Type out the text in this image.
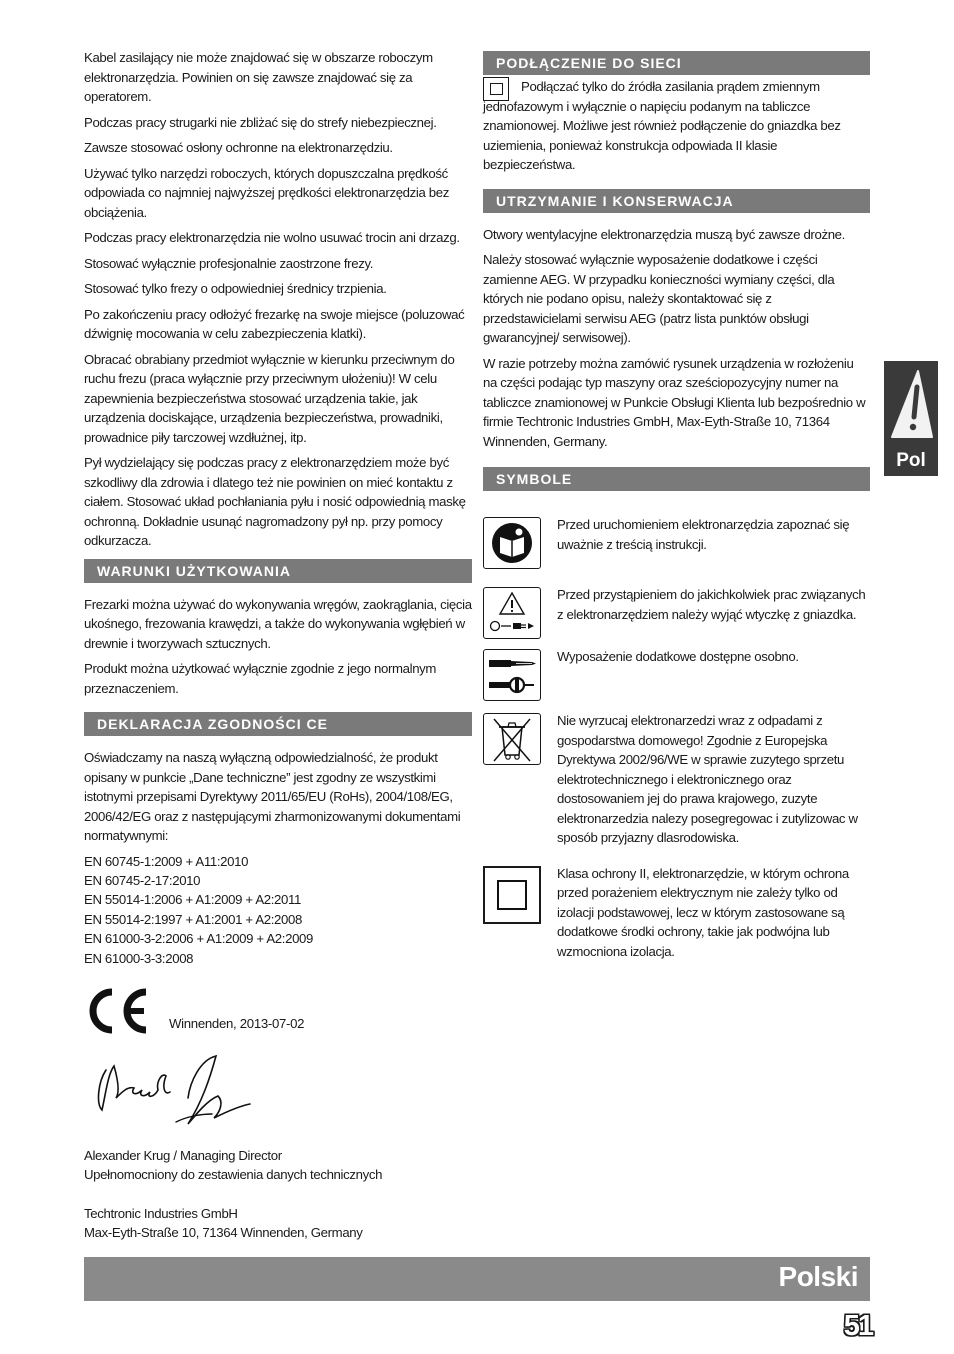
Kabel zasilający nie może znajdować się w obszarze roboczym elektronarzędzia. Powinien on się zawsze znajdować się za operatorem.

Podczas pracy strugarki nie zbliżać się do strefy niebezpiecznej.

Zawsze stosować osłony ochronne na elektronarzędziu.

Używać tylko narzędzi roboczych, których dopuszczalna prędkość odpowiada co najmniej najwyższej prędkości elektronarzędzia bez obciążenia.

Podczas pracy elektronarzędzia nie wolno usuwać trocin ani drzazg.

Stosować wyłącznie profesjonalnie zaostrzone frezy.

Stosować tylko frezy o odpowiedniej średnicy trzpienia.

Po zakończeniu pracy odłożyć frezarkę na swoje miejsce (poluzować dźwignię mocowania w celu zabezpieczenia klatki).

Obracać obrabiany przedmiot wyłącznie w kierunku przeciwnym do ruchu frezu (praca wyłącznie przy przeciwnym ułożeniu)! W celu zapewnienia bezpieczeństwa stosować urządzenia takie, jak urządzenia dociskające, urządzenia bezpieczeństwa, prowadniki, prowadnice piły tarczowej wzdłużnej, itp.

Pył wydzielający się podczas pracy z elektronarzędziem może być szkodliwy dla zdrowia i dlatego też nie powinien on mieć kontaktu z ciałem. Stosować układ pochłaniania pyłu i nosić odpowiednią maskę ochronną. Dokładnie usunąć nagromadzony pył np. przy pomocy odkurzacza.

WARUNKI UŻYTKOWANIA

Frezarki można używać do wykonywania wręgów, zaokrąglania, cięcia ukośnego, frezowania krawędzi, a także do wykonywania wgłębień w drewnie i tworzywach sztucznych.

Produkt można użytkować wyłącznie zgodnie z jego normalnym przeznaczeniem.

DEKLARACJA ZGODNOŚCI CE

Oświadczamy na naszą wyłączną odpowiedzialność, że produkt opisany w punkcie „Dane techniczne” jest zgodny ze wszystkimi istotnymi przepisami Dyrektywy 2011/65/EU (RoHs), 2004/108/EG, 2006/42/EG oraz z następującymi zharmonizowanymi dokumentami normatywnymi:

EN 60745-1:2009 + A11:2010
EN 60745-2-17:2010
EN 55014-1:2006 + A1:2009 + A2:2011
EN 55014-2:1997 + A1:2001 + A2:2008
EN 61000-3-2:2006 + A1:2009 + A2:2009
EN 61000-3-3:2008
Winnenden, 2013-07-02
Alexander Krug / Managing Director
Upełnomocniony do zestawienia danych technicznych
Techtronic Industries GmbH
Max-Eyth-Straße 10, 71364 Winnenden, Germany
PODŁĄCZENIE DO SIECI

Podłączać tylko do źródła zasilania prądem zmiennym jednofazowym i wyłącznie o napięciu podanym na tabliczce znamionowej. Możliwe jest również podłączenie do gniazdka bez uziemienia, ponieważ konstrukcja odpowiada II klasie bezpieczeństwa.

UTRZYMANIE I KONSERWACJA

Otwory wentylacyjne elektronarzędzia muszą być zawsze drożne.

Należy stosować wyłącznie wyposażenie dodatkowe i części zamienne AEG. W przypadku konieczności wymiany części, dla których nie podano opisu, należy skontaktować się z przedstawicielami serwisu AEG (patrz lista punktów obsługi gwarancyjnej/ serwisowej).

W razie potrzeby można zamówić rysunek urządzenia w rozłożeniu na części podając typ maszyny oraz sześciopozycyjny numer na tabliczce znamionowej w Punkcie Obsługi Klienta lub bezpośrednio w firmie Techtronic Industries GmbH, Max-Eyth-Straße 10, 71364 Winnenden, Germany.

SYMBOLE

Przed uruchomieniem elektronarzędzia zapoznać się uważnie z treścią instrukcji.

Przed przystąpieniem do jakichkolwiek prac związanych z elektronarzędziem należy wyjąć wtyczkę z gniazdka.

Wyposażenie dodatkowe dostępne osobno.

Nie wyrzucaj elektronarzedzi wraz z odpadami z gospodarstwa domowego! Zgodnie z Europejska Dyrektywa 2002/96/WE w sprawie zuzytego sprzetu elektrotechnicznego i elektronicznego oraz dostosowaniem jej do prawa krajowego, zuzyte elektronarzedzia nalezy posegregowac i zutylizowac w sposób przyjazny dlasrodowiska.

Klasa ochrony II, elektronarzędzie, w którym ochrona przed porażeniem elektrycznym nie zależy tylko od izolacji podstawowej, lecz w którym zastosowane są dodatkowe środki ochrony, takie jak podwójna lub wzmocniona izolacja.

Pol
Polski
51
